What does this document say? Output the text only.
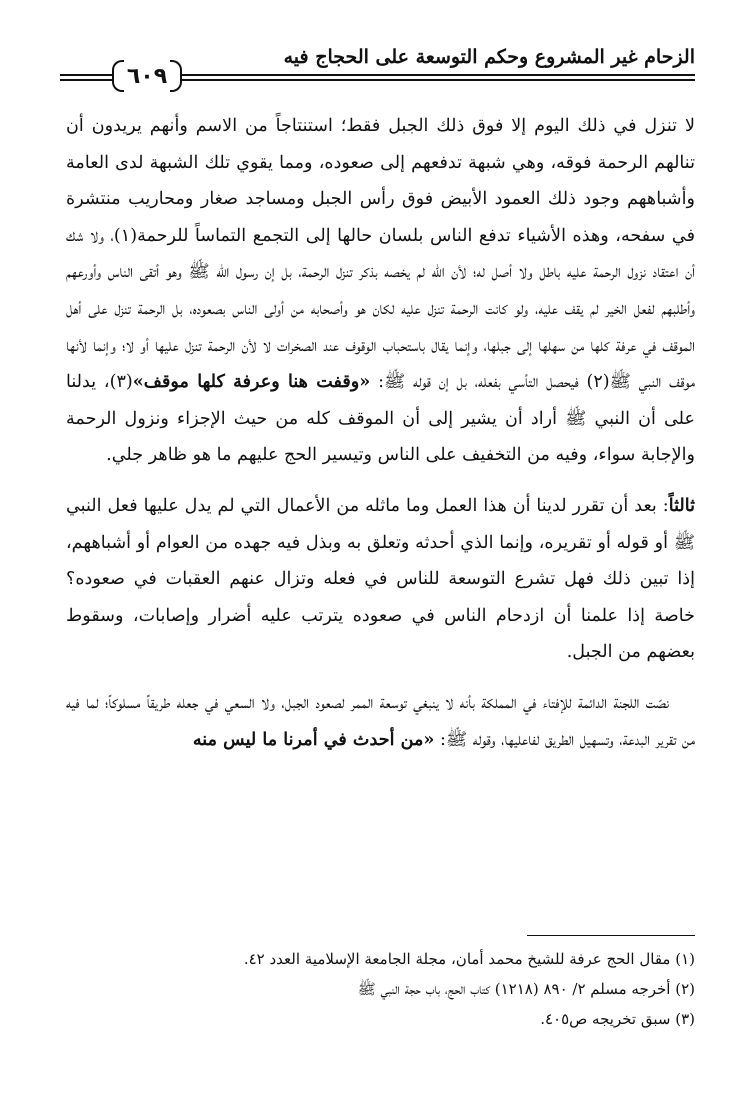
الزحام غير المشروع وحكم التوسعة على الحجاج فيه
٦٠٩

لا تنزل في ذلك اليوم إلا فوق ذلك الجبل فقط؛ استنتاجاً من الاسم وأنهم يريدون أن تنالهم الرحمة فوقه، وهي شبهة تدفعهم إلى صعوده، ومما يقوي تلك الشبهة لدى العامة وأشباههم وجود ذلك العمود الأبيض فوق رأس الجبل ومساجد صغار ومحاريب منتشرة في سفحه، وهذه الأشياء تدفع الناس بلسان حالها إلى التجمع التماساً للرحمة(١)، ولا شك أن اعتقاد نزول الرحمة عليه باطل ولا أصل له؛ لأن الله لم يخصه بذكر تنزل الرحمة، بل إن رسول الله ﷺ وهو أتقى الناس وأورعهم وأطلبهم لفعل الخير لم يقف عليه، ولو كانت الرحمة تنزل عليه لكان هو وأصحابه من أولى الناس بصعوده، بل الرحمة تنزل على أهل الموقف في عرفة كلها من سهلها إلى جبلها، وإنما يقال باستحباب الوقوف عند الصخرات لا لأن الرحمة تنزل عليها أو لا؛ وإنما لأنها موقف النبي ﷺ(٢) فيحصل التأسي بفعله، بل إن قوله ﷺ: «وقفت هنا وعرفة كلها موقف»(٣)، يدلنا على أن النبي ﷺ أراد أن يشير إلى أن الموقف كله من حيث الإجزاء ونزول الرحمة والإجابة سواء، وفيه من التخفيف على الناس وتيسير الحج عليهم ما هو ظاهر جلي.

ثالثاً: بعد أن تقرر لدينا أن هذا العمل وما ماثله من الأعمال التي لم يدل عليها فعل النبي ﷺ أو قوله أو تقريره، وإنما الذي أحدثه وتعلق به وبذل فيه جهده من العوام أو أشباههم، إذا تبين ذلك فهل تشرع التوسعة للناس في فعله وتزال عنهم العقبات في صعوده؟ خاصة إذا علمنا أن ازدحام الناس في صعوده يترتب عليه أضرار وإصابات، وسقوط بعضهم من الجبل.

نصّت اللجنة الدائمة للإفتاء في المملكة بأنه لا ينبغي توسعة الممر لصعود الجبل، ولا السعي في جعله طريقاً مسلوكاً؛ لما فيه من تقرير البدعة، وتسهيل الطريق لفاعليها، وقوله ﷺ: «من أحدث في أمرنا ما ليس منه

(١) مقال الحج عرفة للشيخ محمد أمان، مجلة الجامعة الإسلامية العدد ٤٢.

(٢) أخرجه مسلم ٢/ ٨٩٠ (١٢١٨) كتاب الحج، باب حجة النبي ﷺ

(٣) سبق تخريجه ص٤٠٥.
